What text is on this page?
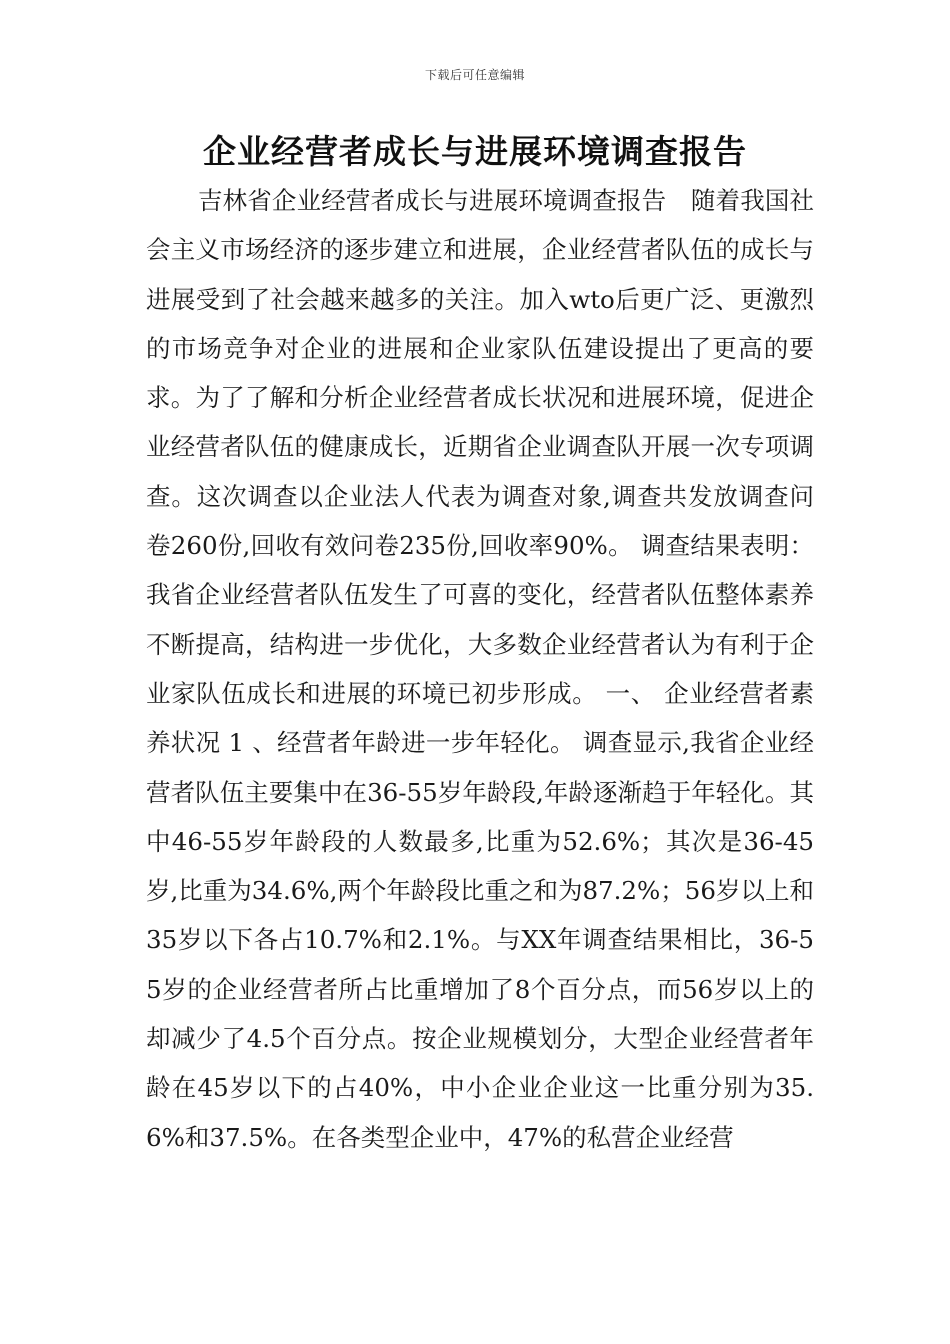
下载后可任意编辑
企业经营者成长与进展环境调查报告

吉林省企业经营者成长与进展环境调查报告　随着我国社会主义市场经济的逐步建立和进展，企业经营者队伍的成长与进展受到了社会越来越多的关注。加入wto后更广泛、更激烈的市场竞争对企业的进展和企业家队伍建设提出了更高的要求。为了了解和分析企业经营者成长状况和进展环境，促进企业经营者队伍的健康成长，近期省企业调查队开展一次专项调查。这次调查以企业法人代表为调查对象,调查共发放调查问卷260份,回收有效问卷235份,回收率90%。 调查结果表明：我省企业经营者队伍发生了可喜的变化，经营者队伍整体素养不断提高，结构进一步优化，大多数企业经营者认为有利于企业家队伍成长和进展的环境已初步形成。 一、 企业经营者素养状况 1 、经营者年龄进一步年轻化。 调查显示,我省企业经营者队伍主要集中在36-55岁年龄段,年龄逐渐趋于年轻化。其中46-55岁年龄段的人数最多,比重为52.6%；其次是36-45岁,比重为34.6%,两个年龄段比重之和为87.2%；56岁以上和35岁以下各占10.7%和2.1%。与XX年调查结果相比，36-55岁的企业经营者所占比重增加了8个百分点，而56岁以上的却减少了4.5个百分点。按企业规模划分，大型企业经营者年龄在45岁以下的占40%，中小企业企业这一比重分别为35.6%和37.5%。在各类型企业中，47%的私营企业经营
